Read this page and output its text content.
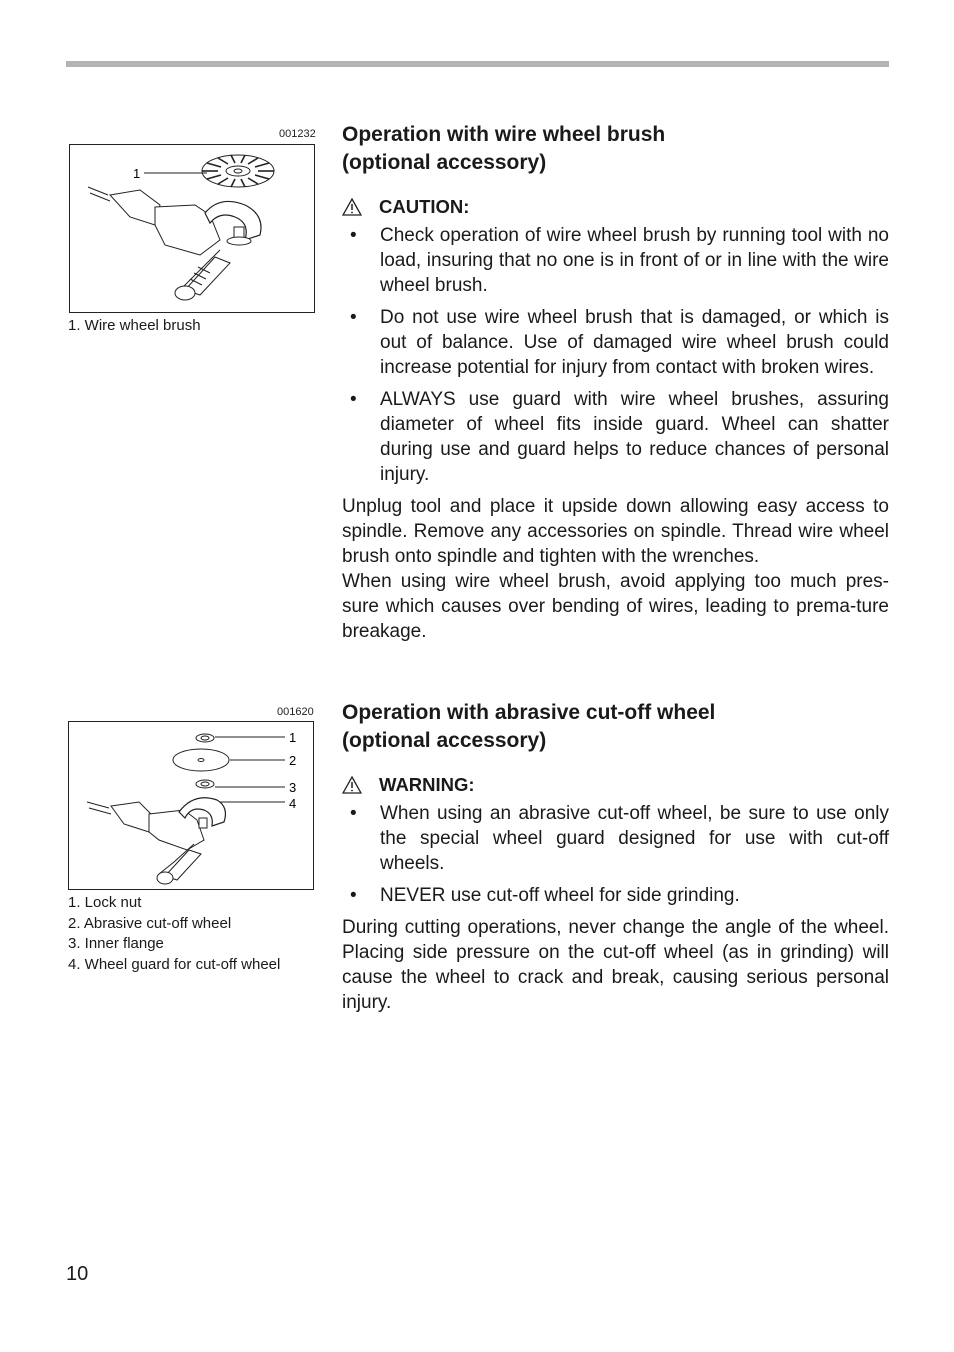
001232
1
1. Wire wheel brush
001620
1
2
3
4
1. Lock nut
2. Abrasive cut-off wheel
3. Inner flange
4. Wheel guard for cut-off wheel
Operation with wire wheel brush
(optional accessory)
CAUTION:
• Check operation of wire wheel brush by running tool with no load, insuring that no one is in front of or in line with the wire wheel brush.
• Do not use wire wheel brush that is damaged, or which is out of balance. Use of damaged wire wheel brush could increase potential for injury from contact with broken wires.
• ALWAYS use guard with wire wheel brushes, assuring diameter of wheel fits inside guard. Wheel can shatter during use and guard helps to reduce chances of personal injury.

Unplug tool and place it upside down allowing easy access to spindle. Remove any accessories on spindle. Thread wire wheel brush onto spindle and tighten with the wrenches.

When using wire wheel brush, avoid applying too much pres-sure which causes over bending of wires, leading to prema-ture breakage.

Operation with abrasive cut-off wheel
(optional accessory)
WARNING:
• When using an abrasive cut-off wheel, be sure to use only the special wheel guard designed for use with cut-off wheels.
• NEVER use cut-off wheel for side grinding.

During cutting operations, never change the angle of the wheel. Placing side pressure on the cut-off wheel (as in grinding) will cause the wheel to crack and break, causing serious personal injury.

10
